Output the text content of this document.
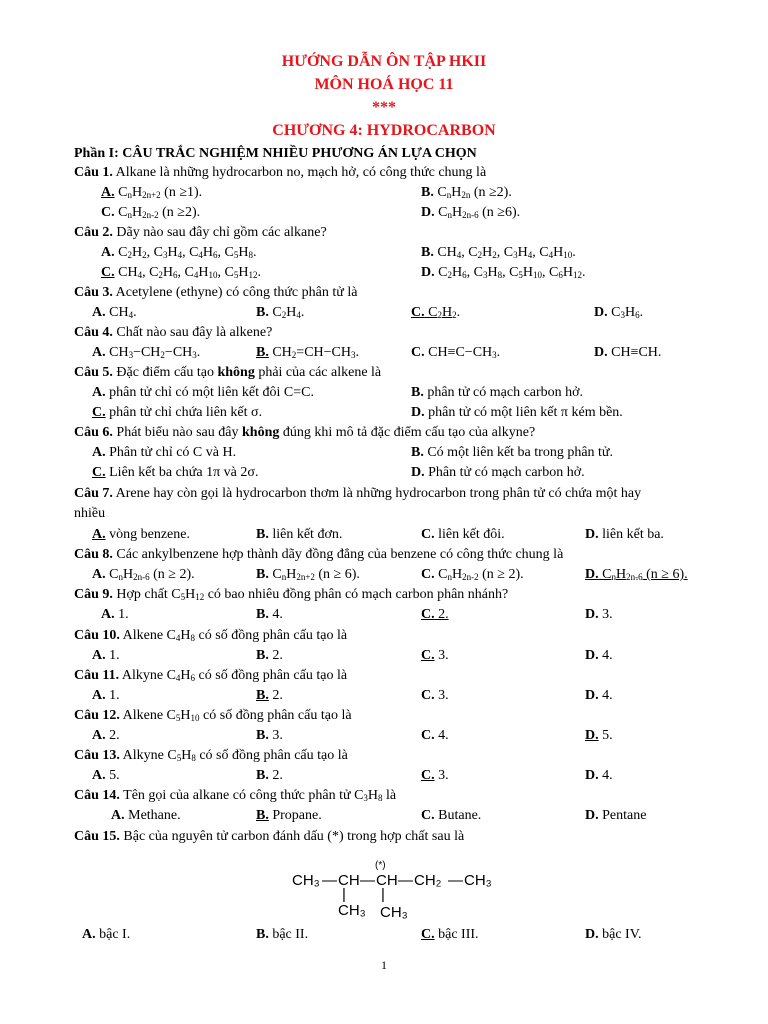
HƯỚNG DẪN ÔN TẬP HKII
MÔN HOÁ HỌC 11
***
CHƯƠNG 4: HYDROCARBON
Phần I: CÂU TRẮC NGHIỆM NHIỀU PHƯƠNG ÁN LỰA CHỌN
Câu 1. Alkane là những hydrocarbon no, mạch hở, có công thức chung là
A. $C_nH_{2n+2}$ (n ≥1).	B. $C_nH_{2n}$ (n ≥2).
C. $C_nH_{2n-2}$ (n ≥2).	D. $C_nH_{2n-6}$ (n ≥6).
Câu 2. Dãy nào sau đây chỉ gồm các alkane?
A. $C_2H_2$, $C_3H_4$, $C_4H_6$, $C_5H_8$.	B. $CH_4$, $C_2H_2$, $C_3H_4$, $C_4H_{10}$.
C. $CH_4$, $C_2H_6$, $C_4H_{10}$, $C_5H_{12}$.	D. $C_2H_6$, $C_3H_8$, $C_5H_{10}$, $C_6H_{12}$.
Câu 3. Acetylene (ethyne) có công thức phân tử là
A. $CH_4$.	B. $C_2H_4$.	C. $C_2H_2$.	D. $C_3H_6$.
Câu 4. Chất nào sau đây là alkene?
A. $CH_3-CH_2-CH_3$.	B. $CH_2=CH-CH_3$.	C. $CH\equiv C-CH_3$.	D. CH≡CH.
Câu 5. Đặc điểm cấu tạo không phải của các alkene là
A. phân tử chỉ có một liên kết đôi C=C.	B. phân tử có mạch carbon hở.
C. phân tử chỉ chứa liên kết σ.	D. phân tử có một liên kết π kém bền.
Câu 6. Phát biểu nào sau đây không đúng khi mô tả đặc điểm cấu tạo của alkyne?
A. Phân tử chỉ có C và H.	B. Có một liên kết ba trong phân tử.
C. Liên kết ba chứa 1π và 2σ.	D. Phân tử có mạch carbon hở.
Câu 7. Arene hay còn gọi là hydrocarbon thơm là những hydrocarbon trong phân tử có chứa một hay
nhiều
A. vòng benzene.	B. liên kết đơn.	C. liên kết đôi.	D. liên kết ba.
Câu 8. Các ankylbenzene hợp thành dãy đồng đẳng của benzene có công thức chung là
A. $C_nH_{2n-6}$ (n ≥ 2).	B. $C_nH_{2n+2}$ (n ≥ 6).	C. $C_nH_{2n-2}$ (n ≥ 2).	D. $C_nH_{2n-6}$ (n ≥ 6).
Câu 9. Hợp chất $C_5H_{12}$ có bao nhiêu đồng phân có mạch carbon phân nhánh?
A. 1.	B. 4.	C. 2.	D. 3.
Câu 10. Alkene $C_4H_8$ có số đồng phân cấu tạo là
A. 1.	B. 2.	C. 3.	D. 4.
Câu 11. Alkyne $C_4H_6$ có số đồng phân cấu tạo là
A. 1.	B. 2.	C. 3.	D. 4.
Câu 12. Alkene $C_5H_{10}$ có số đồng phân cấu tạo là
A. 2.	B. 3.	C. 4.	D. 5.
Câu 13. Alkyne $C_5H_8$ có số đồng phân cấu tạo là
A. 5.	B. 2.	C. 3.	D. 4.
Câu 14. Tên gọi của alkane có công thức phân tử $C_3H_8$ là
A. Methane.	B. Propane.	C. Butane.	D. Pentane
Câu 15. Bậc của nguyên tử carbon đánh dấu (*) trong hợp chất sau là
CH₃ — CH — CH
(*)
— CH₂ — CH₃
| |
CH₃ CH₃
A. bậc I.	B. bậc II.	C. bậc III.	D. bậc IV.
1
